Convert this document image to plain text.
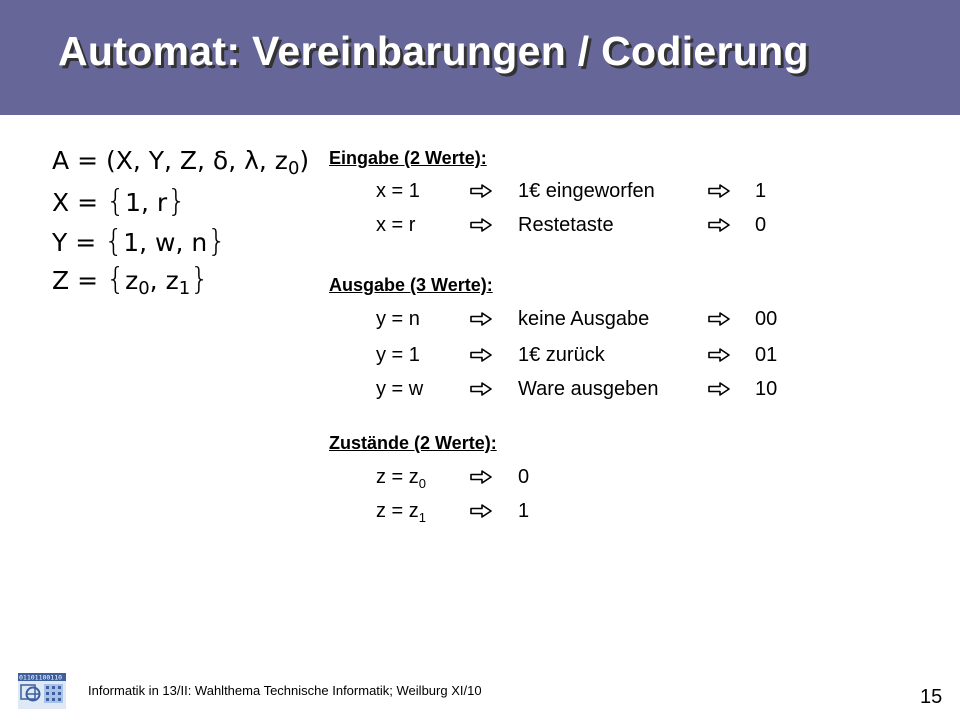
Automat: Vereinbarungen / Codierung
A = (X, Y, Z, δ, λ, $z_0$)
X = {1, r}
Y = {1, w, n}
$Z = \{z_0$, $z_1$}
Eingabe (2 Werte):
x = 1	1€ eingeworfen	1
x = r	Restetaste	0
Ausgabe (3 Werte):
y = n	keine Ausgabe	00
y = 1	1€ zurück	01
y = w	Ware ausgeben	10
Zustände (2 Werte):
$z = z_0$	0
$z = z_1$	1
01101100110
Informatik in 13/II: Wahlthema Technische Informatik; Weilburg XI/10	15
